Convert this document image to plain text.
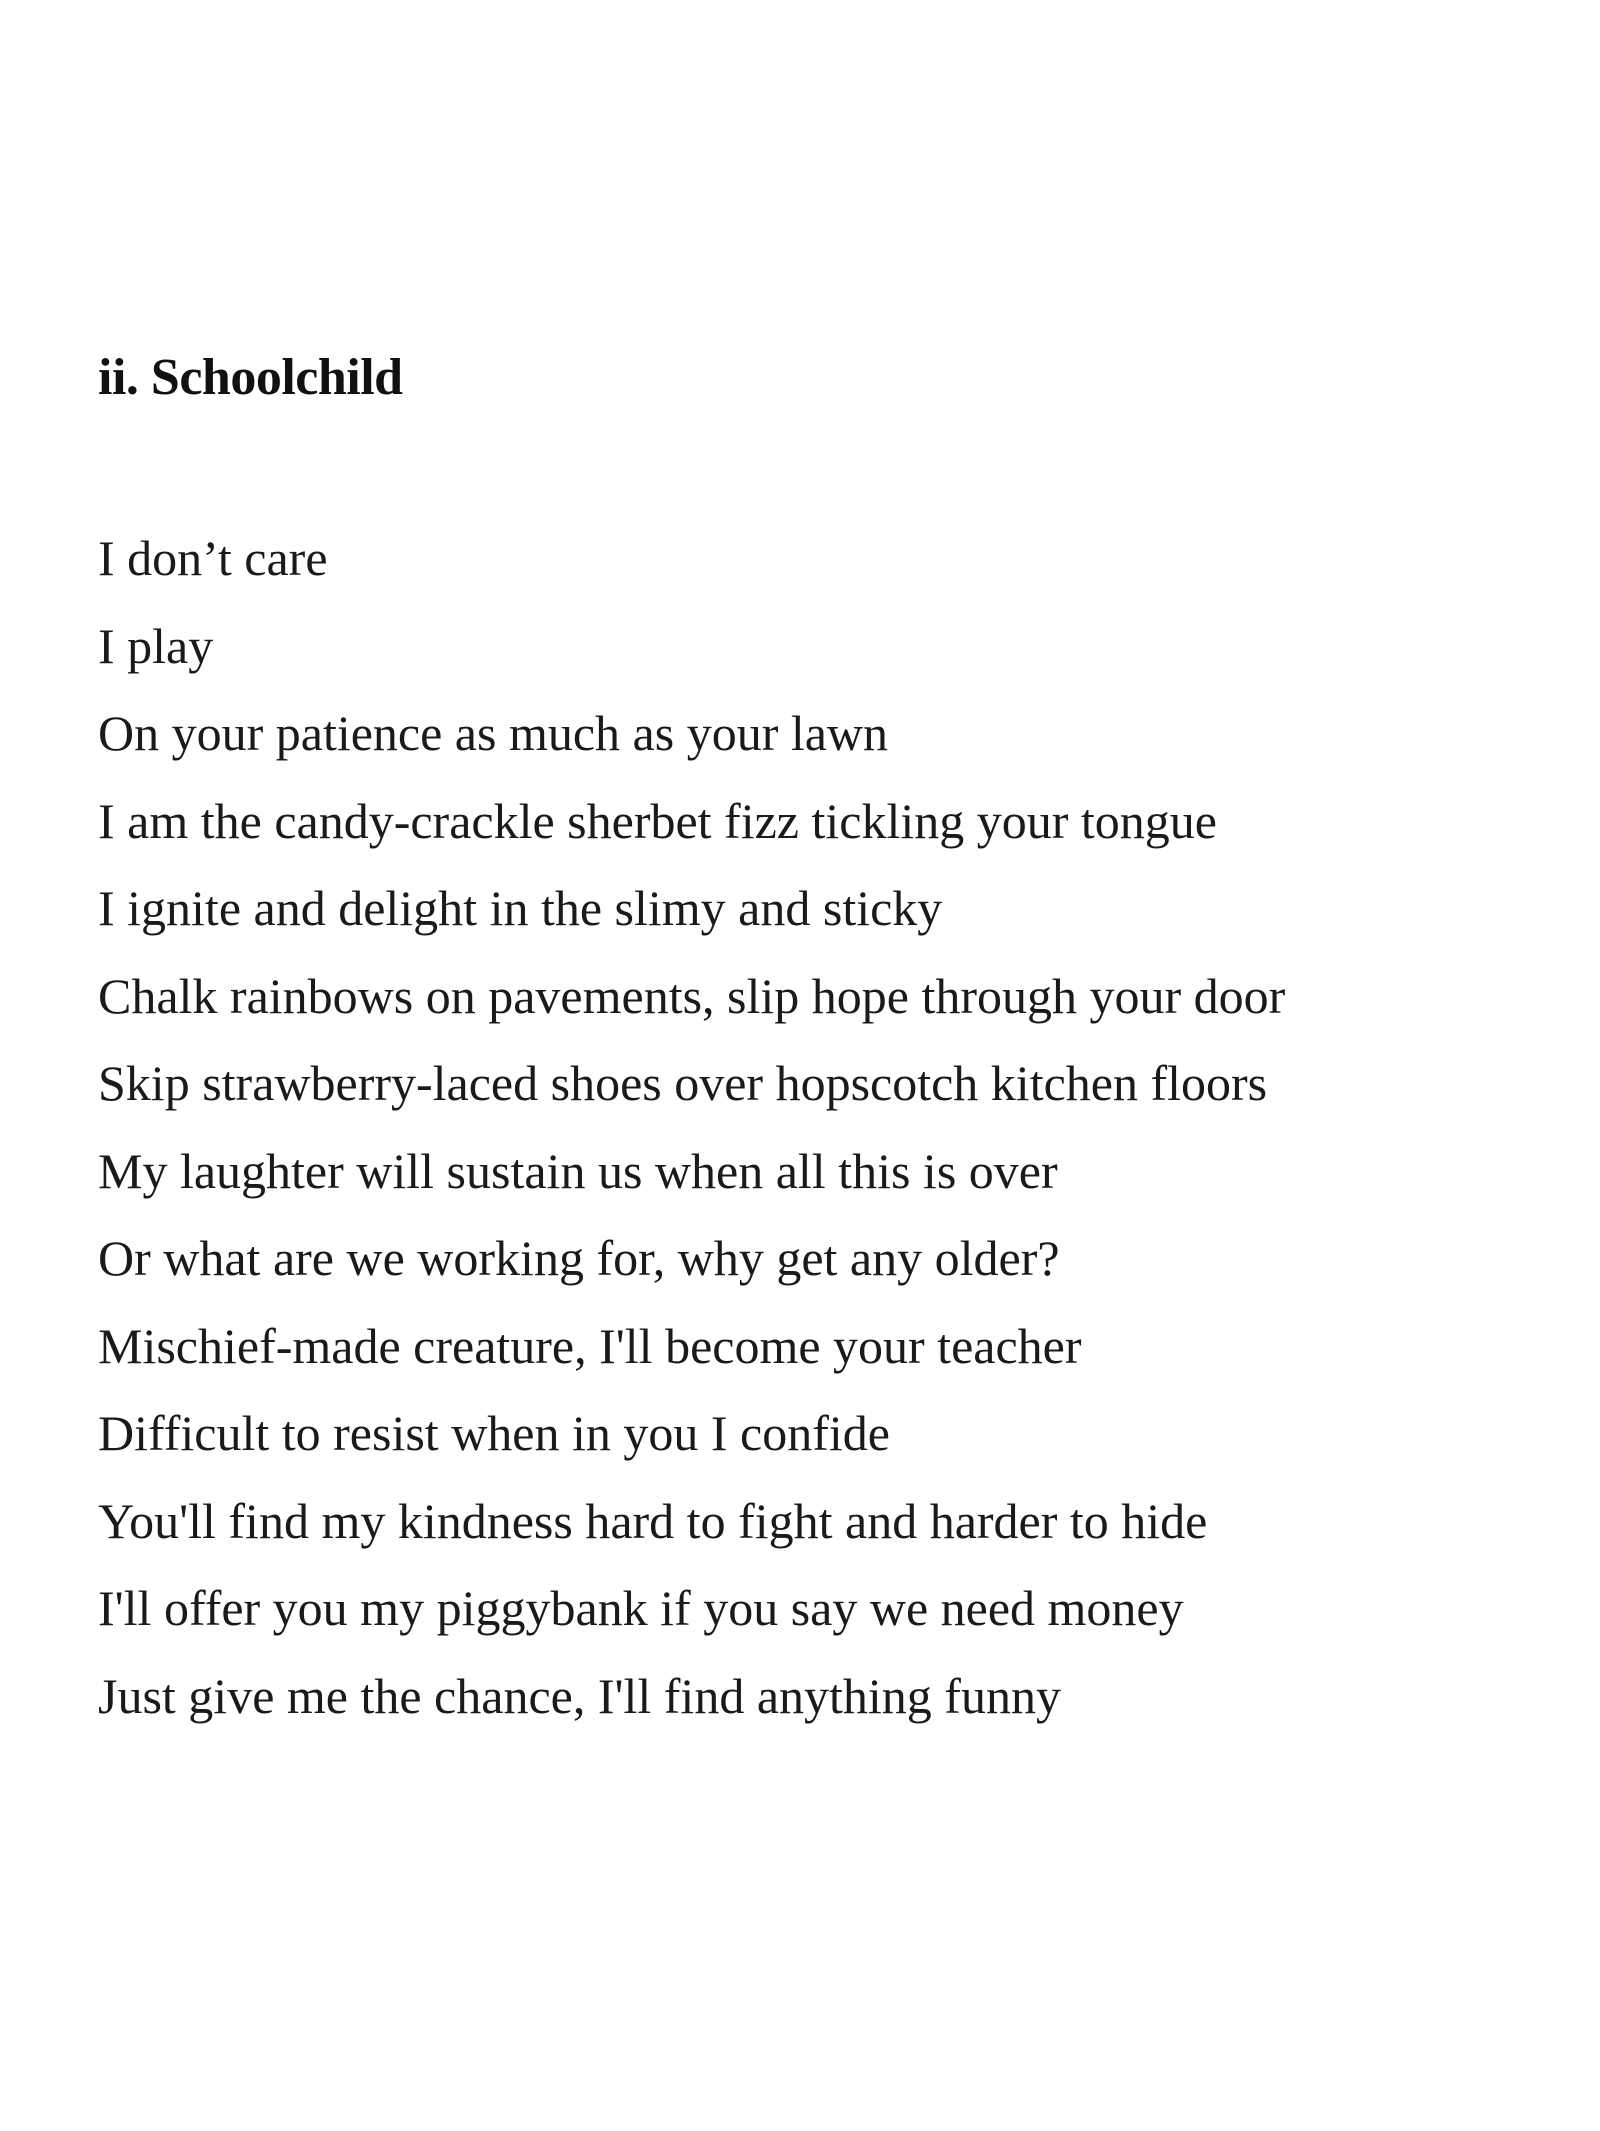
ii. Schoolchild
I don’t care
I play
On your patience as much as your lawn
I am the candy-crackle sherbet fizz tickling your tongue
I ignite and delight in the slimy and sticky
Chalk rainbows on pavements, slip hope through your door
Skip strawberry-laced shoes over hopscotch kitchen floors
My laughter will sustain us when all this is over
Or what are we working for, why get any older?
Mischief-made creature, I'll become your teacher
Difficult to resist when in you I confide
You'll find my kindness hard to fight and harder to hide
I'll offer you my piggybank if you say we need money
Just give me the chance, I'll find anything funny
